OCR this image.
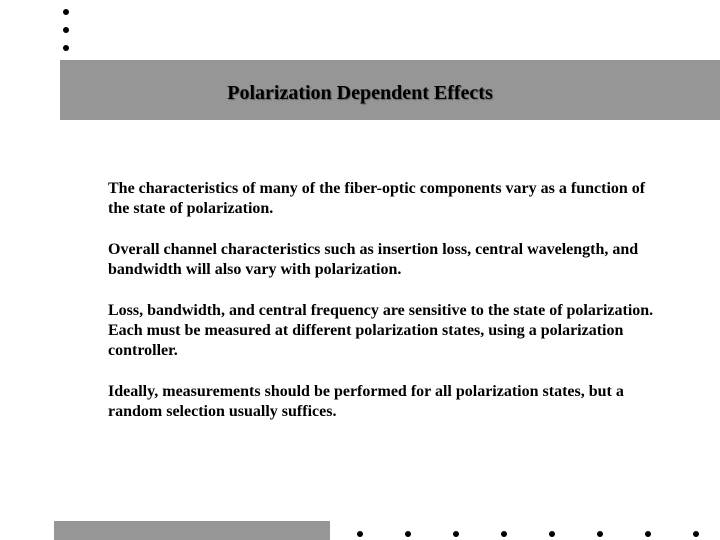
Polarization Dependent Effects

The characteristics of many of the fiber-optic components vary as a function of the state of polarization.

Overall channel characteristics such as insertion loss, central wavelength, and bandwidth will also vary with polarization.

Loss, bandwidth, and central frequency are sensitive to the state of polarization. Each must be measured at different polarization states, using a polarization controller.

Ideally, measurements should be performed for all polarization states, but a random selection usually suffices.
